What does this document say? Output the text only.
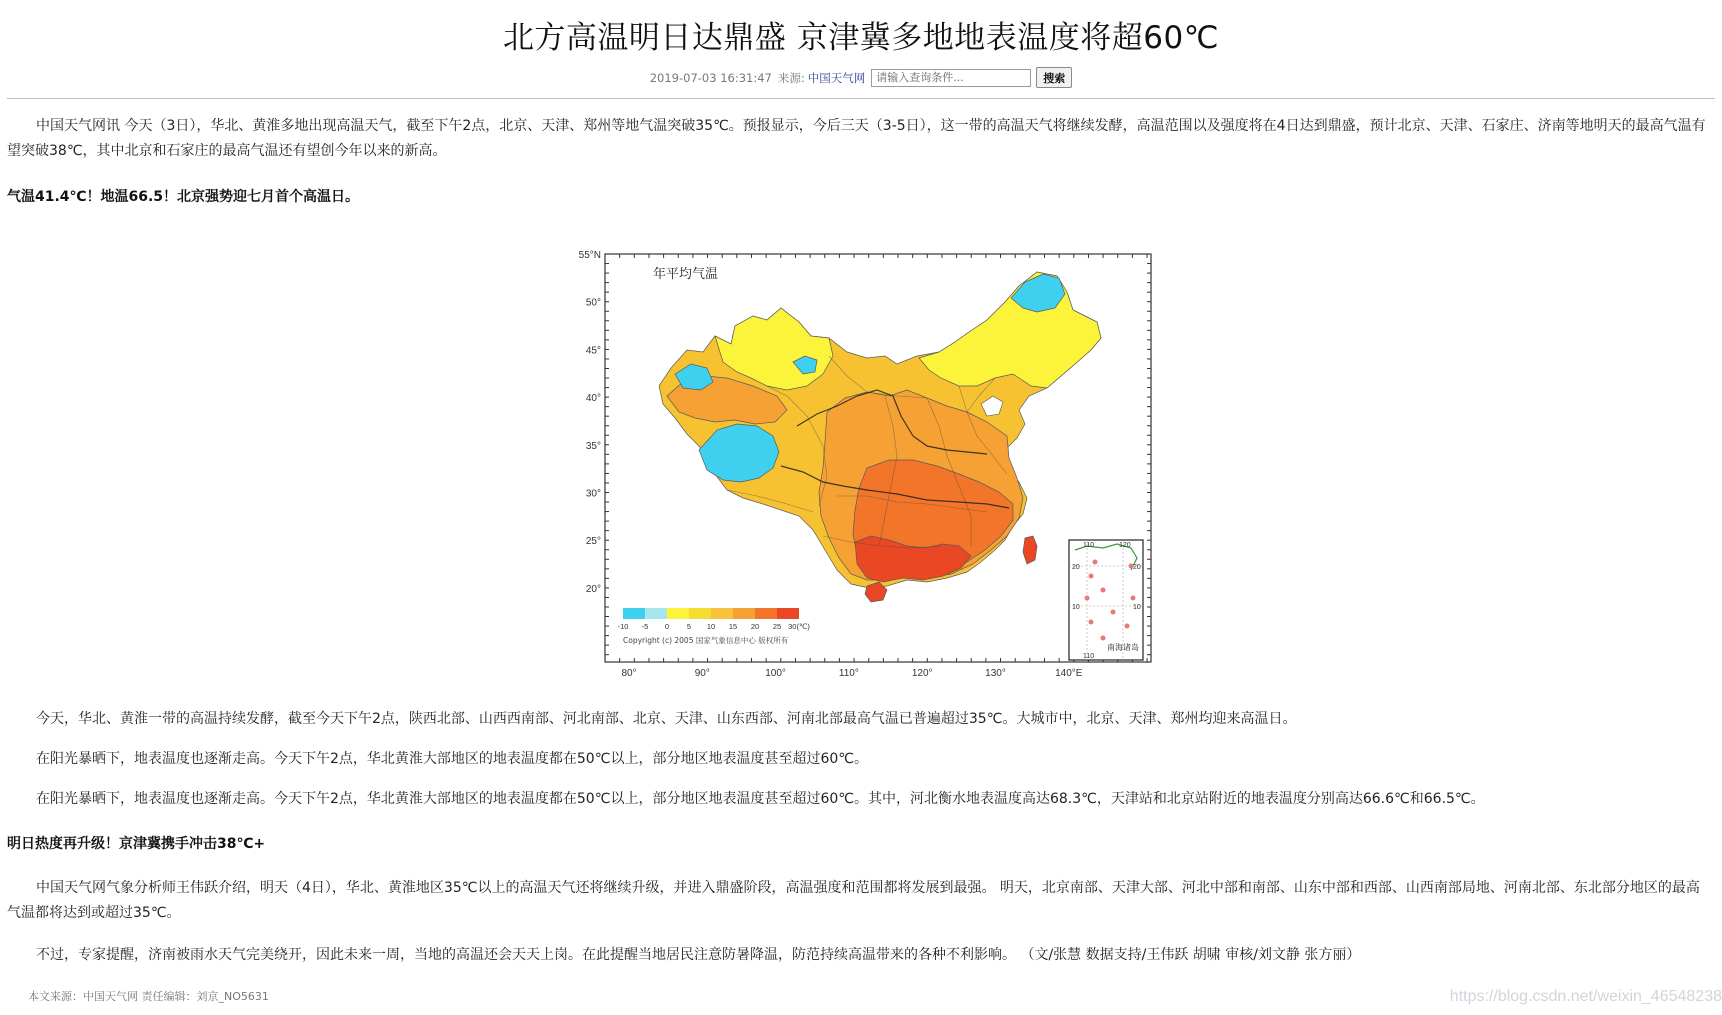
北方高温明日达鼎盛 京津冀多地地表温度将超60℃
2019-07-03 16:31:47 来源: 中国天气网
请输入查询条件...	搜索

中国天气网讯 今天（3日），华北、黄淮多地出现高温天气，截至下午2点，北京、天津、郑州等地气温突破35℃。预报显示，今后三天（3-5日），这一带的高温天气将继续发酵，高温范围以及强度将在4日达到鼎盛，预计北京、天津、石家庄、济南等地明天的最高气温有望突破38℃，其中北京和石家庄的最高气温还有望创今年以来的新高。

气温41.4℃！地温66.5！北京强势迎七月首个高温日。

年平均气温
55°N
50°
45°
40°
35°
30°
25°
20°
80°	90°	100°	110°	120°	130°	140°E
-10 -5 0 5 10 15 20 25 30(℃)
Copyright (c) 2005 国家气象信息中心 版权所有
110	120
20	20
10	10
110
南海诸岛

今天，华北、黄淮一带的高温持续发酵，截至今天下午2点，陕西北部、山西西南部、河北南部、北京、天津、山东西部、河南北部最高气温已普遍超过35℃。大城市中，北京、天津、郑州均迎来高温日。

在阳光暴晒下，地表温度也逐渐走高。今天下午2点，华北黄淮大部地区的地表温度都在50℃以上，部分地区地表温度甚至超过60℃。

在阳光暴晒下，地表温度也逐渐走高。今天下午2点，华北黄淮大部地区的地表温度都在50℃以上，部分地区地表温度甚至超过60℃。其中，河北衡水地表温度高达68.3℃，天津站和北京站附近的地表温度分别高达66.6℃和66.5℃。

明日热度再升级！京津冀携手冲击38℃+

中国天气网气象分析师王伟跃介绍，明天（4日），华北、黄淮地区35℃以上的高温天气还将继续升级，并进入鼎盛阶段，高温强度和范围都将发展到最强。 明天，北京南部、天津大部、河北中部和南部、山东中部和西部、山西南部局地、河南北部、东北部分地区的最高气温都将达到或超过35℃。

不过，专家提醒，济南被雨水天气完美绕开，因此未来一周，当地的高温还会天天上岗。在此提醒当地居民注意防暑降温，防范持续高温带来的各种不利影响。 （文/张慧 数据支持/王伟跃 胡啸 审核/刘文静 张方丽）

本文来源：中国天气网 责任编辑：刘京_NO5631	https://blog.csdn.net/weixin_46548238
